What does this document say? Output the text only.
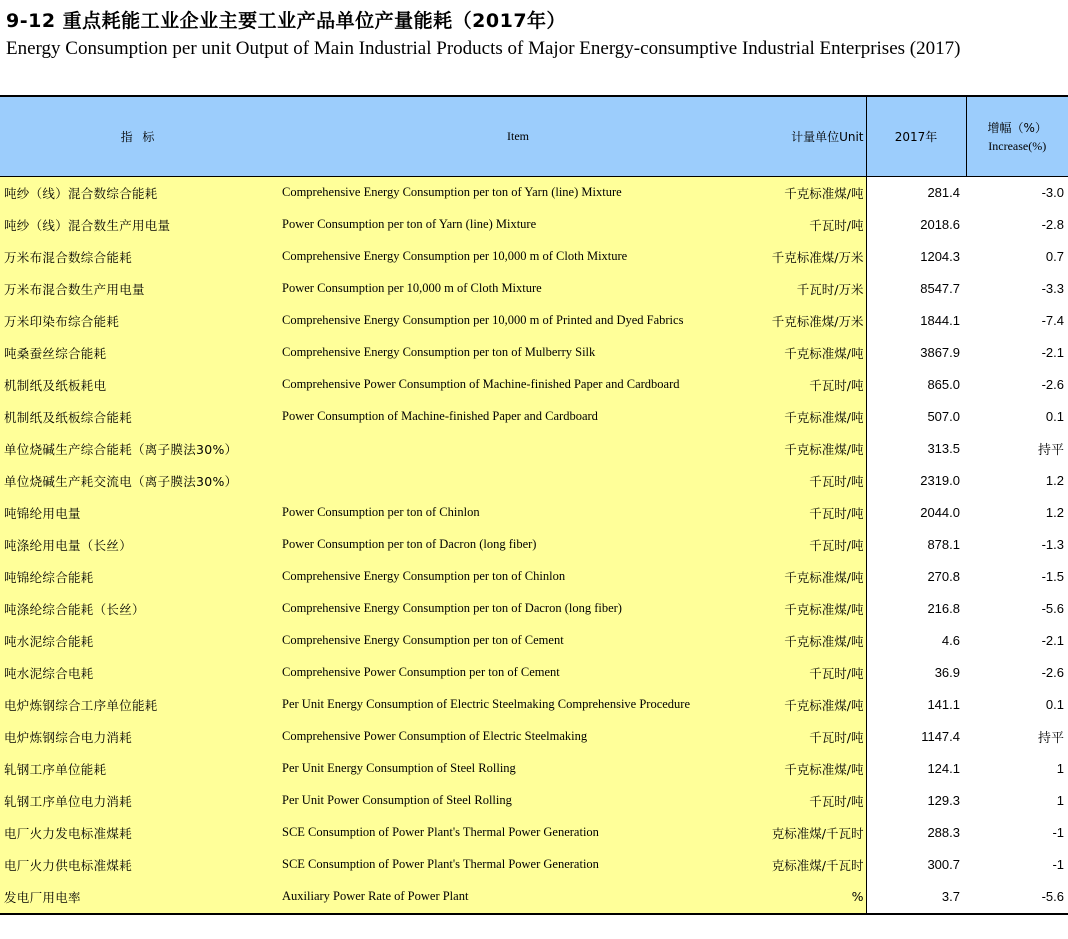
9-12 重点耗能工业企业主要工业产品单位产量能耗（2017年）
Energy Consumption per unit Output of Main Industrial Products of Major Energy-consumptive Industrial Enterprises (2017)
指 标	Item	计量单位Unit	2017年	增幅（%）
Increase(%)

吨纱（线）混合数综合能耗	Comprehensive Energy Consumption per ton of Yarn (line) Mixture	千克标准煤/吨	281.4	-3.0
吨纱（线）混合数生产用电量	Power Consumption per ton of Yarn (line) Mixture	千瓦时/吨	2018.6	-2.8
万米布混合数综合能耗	Comprehensive Energy Consumption per 10,000 m of Cloth Mixture	千克标准煤/万米	1204.3	0.7
万米布混合数生产用电量	Power Consumption per 10,000 m of Cloth Mixture	千瓦时/万米	8547.7	-3.3
万米印染布综合能耗	Comprehensive Energy Consumption per 10,000 m of Printed and Dyed Fabrics	千克标准煤/万米	1844.1	-7.4
吨桑蚕丝综合能耗	Comprehensive Energy Consumption per ton of Mulberry Silk	千克标准煤/吨	3867.9	-2.1
机制纸及纸板耗电	Comprehensive Power Consumption of Machine-finished Paper and Cardboard	千瓦时/吨	865.0	-2.6
机制纸及纸板综合能耗	Power Consumption of Machine-finished Paper and Cardboard	千克标准煤/吨	507.0	0.1
单位烧碱生产综合能耗（离子膜法30%）		千克标准煤/吨	313.5	持平
单位烧碱生产耗交流电（离子膜法30%）		千瓦时/吨	2319.0	1.2
吨锦纶用电量	Power Consumption per ton of Chinlon	千瓦时/吨	2044.0	1.2
吨涤纶用电量（长丝）	Power Consumption per ton of Dacron (long fiber)	千瓦时/吨	878.1	-1.3
吨锦纶综合能耗	Comprehensive Energy Consumption per ton of Chinlon	千克标准煤/吨	270.8	-1.5
吨涤纶综合能耗（长丝）	Comprehensive Energy Consumption per ton of Dacron (long fiber)	千克标准煤/吨	216.8	-5.6
吨水泥综合能耗	Comprehensive Energy Consumption per ton of Cement	千克标准煤/吨	4.6	-2.1
吨水泥综合电耗	Comprehensive Power Consumption per ton of Cement	千瓦时/吨	36.9	-2.6
电炉炼钢综合工序单位能耗	Per Unit Energy Consumption of Electric Steelmaking Comprehensive Procedure	千克标准煤/吨	141.1	0.1
电炉炼钢综合电力消耗	Comprehensive Power Consumption of Electric Steelmaking	千瓦时/吨	1147.4	持平
轧钢工序单位能耗	Per Unit Energy Consumption of Steel Rolling	千克标准煤/吨	124.1	1
轧钢工序单位电力消耗	Per Unit Power Consumption of Steel Rolling	千瓦时/吨	129.3	1
电厂火力发电标准煤耗	SCE Consumption of Power Plant's Thermal Power Generation	克标准煤/千瓦时	288.3	-1
电厂火力供电标准煤耗	SCE Consumption of Power Plant's Thermal Power Generation	克标准煤/千瓦时	300.7	-1
发电厂用电率	Auxiliary Power Rate of Power Plant	%	3.7	-5.6
